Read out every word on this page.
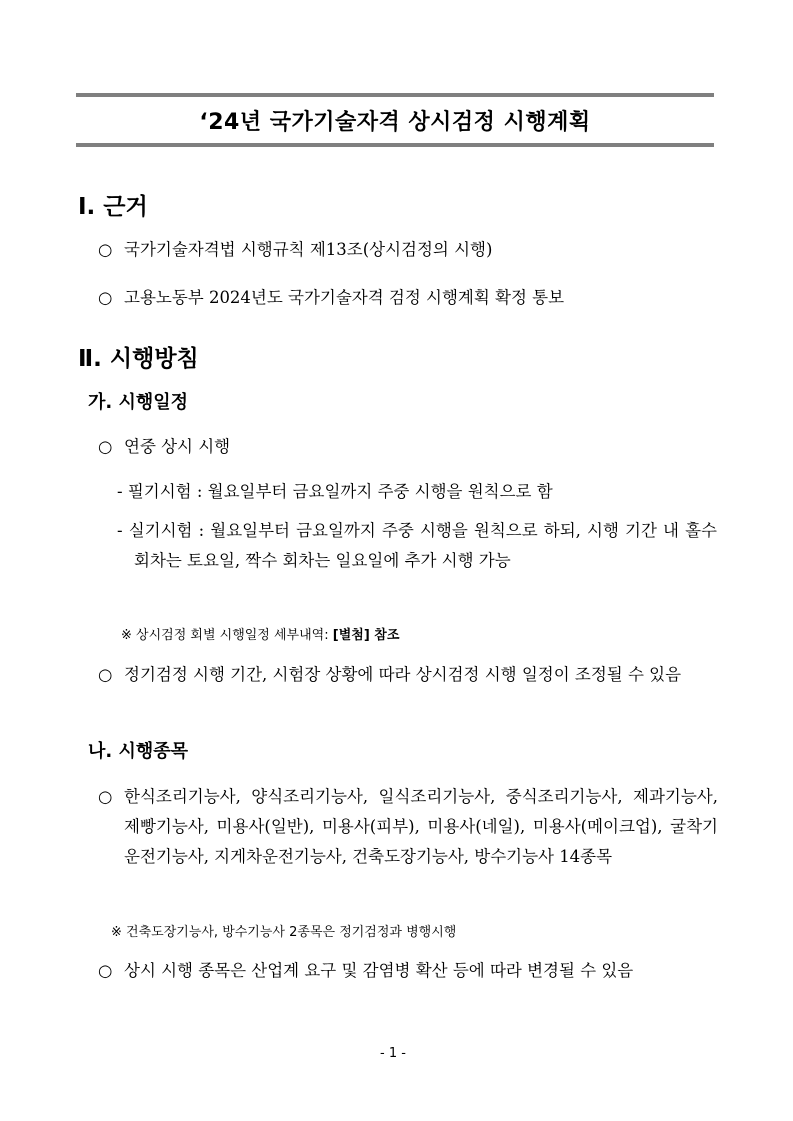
‘24년 국가기술자격 상시검정 시행계획
Ⅰ. 근거
○ 국가기술자격법 시행규칙 제13조(상시검정의 시행)
○ 고용노동부 2024년도 국가기술자격 검정 시행계획 확정 통보
Ⅱ. 시행방침
가. 시행일정
○ 연중 상시 시행
- 필기시험 : 월요일부터 금요일까지 주중 시행을 원칙으로 함
- 실기시험 : 월요일부터 금요일까지 주중 시행을 원칙으로 하되, 시행 기간 내 홀수 회차는 토요일, 짝수 회차는 일요일에 추가 시행 가능
※ 상시검정 회별 시행일정 세부내역: [별첨] 참조
○ 정기검정 시행 기간, 시험장 상황에 따라 상시검정 시행 일정이 조정될 수 있음
나. 시행종목
○ 한식조리기능사, 양식조리기능사, 일식조리기능사, 중식조리기능사, 제과기능사, 제빵기능사, 미용사(일반), 미용사(피부), 미용사(네일), 미용사(메이크업), 굴착기운전기능사, 지게차운전기능사, 건축도장기능사, 방수기능사 14종목
※ 건축도장기능사, 방수기능사 2종목은 정기검정과 병행시행
○ 상시 시행 종목은 산업계 요구 및 감염병 확산 등에 따라 변경될 수 있음
- 1 -
